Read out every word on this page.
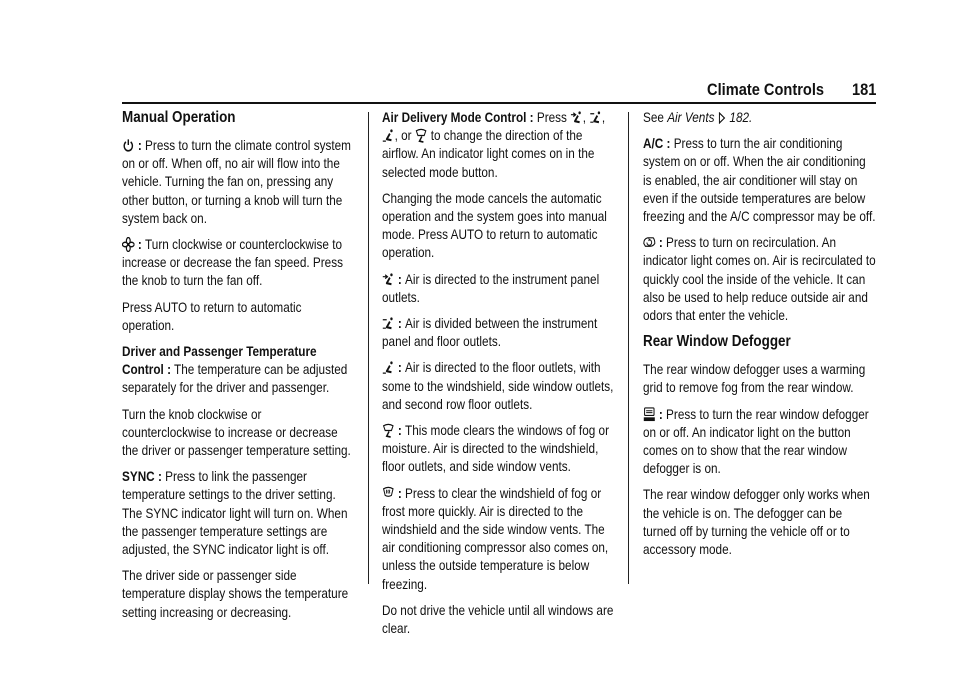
Climate Controls 181
Manual Operation

: Press to turn the climate control system on or off. When off, no air will flow into the vehicle. Turning the fan on, pressing any other button, or turning a knob will turn the system back on.

: Turn clockwise or counterclockwise to increase or decrease the fan speed. Press the knob to turn the fan off.

Press AUTO to return to automatic operation.

Driver and Passenger Temperature Control : The temperature can be adjusted separately for the driver and passenger.

Turn the knob clockwise or counterclockwise to increase or decrease the driver or passenger temperature setting.

SYNC : Press to link the passenger temperature settings to the driver setting. The SYNC indicator light will turn on. When the passenger temperature settings are adjusted, the SYNC indicator light is off.

The driver side or passenger side temperature display shows the temperature setting increasing or decreasing.

Air Delivery Mode Control : Press ,
,
, or to change the direction of the airflow. An indicator light comes on in the selected mode button.

Changing the mode cancels the automatic operation and the system goes into manual mode. Press AUTO to return to automatic operation.

: Air is directed to the instrument panel outlets.

: Air is divided between the instrument panel and floor outlets.

: Air is directed to the floor outlets, with some to the windshield, side window outlets, and second row floor outlets.

: This mode clears the windows of fog or moisture. Air is directed to the windshield, floor outlets, and side window vents.

: Press to clear the windshield of fog or frost more quickly. Air is directed to the windshield and the side window vents. The air conditioning compressor also comes on, unless the outside temperature is below freezing.

Do not drive the vehicle until all windows are clear.

See Air Vents 182.

A/C : Press to turn the air conditioning system on or off. When the air conditioning is enabled, the air conditioner will stay on even if the outside temperatures are below freezing and the A/C compressor may be off.

: Press to turn on recirculation. An indicator light comes on. Air is recirculated to quickly cool the inside of the vehicle. It can also be used to help reduce outside air and odors that enter the vehicle.

Rear Window Defogger

The rear window defogger uses a warming grid to remove fog from the rear window.

: Press to turn the rear window defogger on or off. An indicator light on the button comes on to show that the rear window defogger is on.

The rear window defogger only works when the vehicle is on. The defogger can be turned off by turning the vehicle off or to accessory mode.
